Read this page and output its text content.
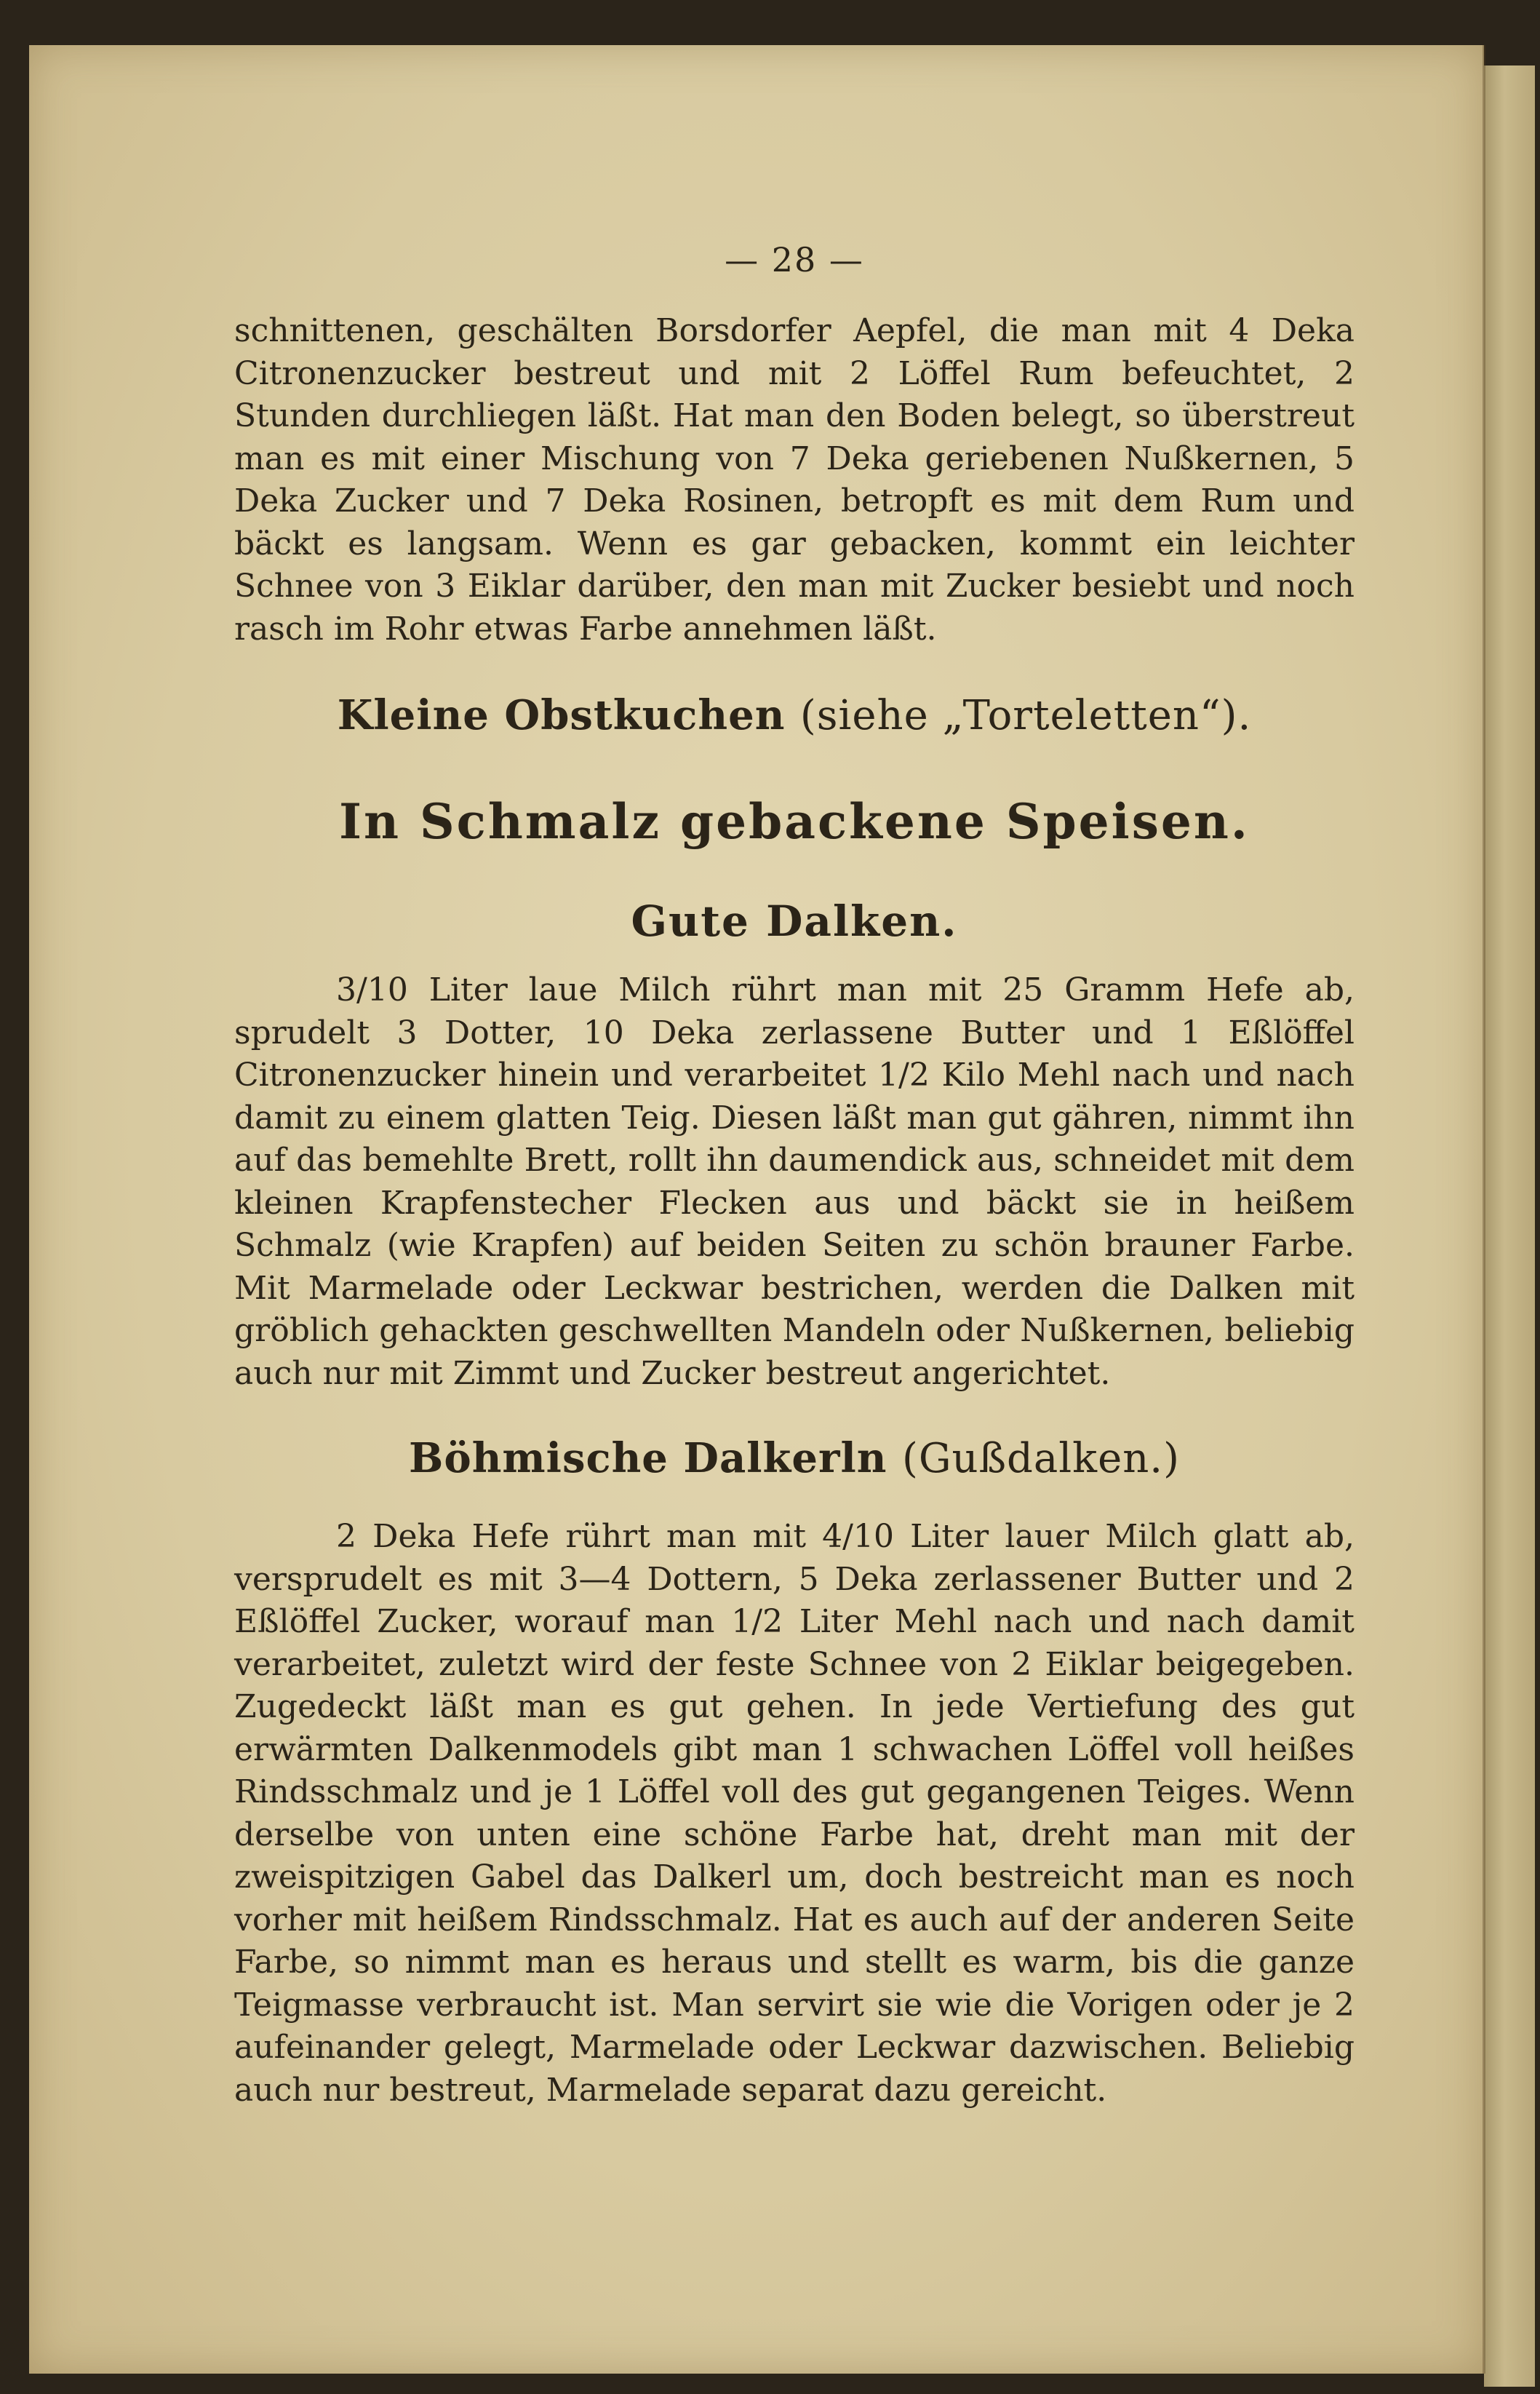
— 28 —

schnittenen, geschälten Borsdorfer Aepfel, die man mit 4 Deka Citronenzucker bestreut und mit 2 Löffel Rum befeuchtet, 2 Stunden durchliegen läßt. Hat man den Boden belegt, so überstreut man es mit einer Mischung von 7 Deka geriebenen Nußkernen, 5 Deka Zucker und 7 Deka Rosinen, betropft es mit dem Rum und bäckt es langsam. Wenn es gar gebacken, kommt ein leichter Schnee von 3 Eiklar darüber, den man mit Zucker besiebt und noch rasch im Rohr etwas Farbe annehmen läßt.

Kleine Obstkuchen (siehe „Torteletten“).

In Schmalz gebackene Speisen.

Gute Dalken.

3/10 Liter laue Milch rührt man mit 25 Gramm Hefe ab, sprudelt 3 Dotter, 10 Deka zerlassene Butter und 1 Eßlöffel Citronenzucker hinein und verarbeitet 1/2 Kilo Mehl nach und nach damit zu einem glatten Teig. Diesen läßt man gut gähren, nimmt ihn auf das bemehlte Brett, rollt ihn daumendick aus, schneidet mit dem kleinen Krapfenstecher Flecken aus und bäckt sie in heißem Schmalz (wie Krapfen) auf beiden Seiten zu schön brauner Farbe. Mit Marmelade oder Leckwar bestrichen, werden die Dalken mit gröblich gehackten geschwellten Mandeln oder Nußkernen, beliebig auch nur mit Zimmt und Zucker bestreut angerichtet.

Böhmische Dalkerln (Gußdalken.)

2 Deka Hefe rührt man mit 4/10 Liter lauer Milch glatt ab, versprudelt es mit 3—4 Dottern, 5 Deka zerlassener Butter und 2 Eßlöffel Zucker, worauf man 1/2 Liter Mehl nach und nach damit verarbeitet, zuletzt wird der feste Schnee von 2 Eiklar beigegeben. Zugedeckt läßt man es gut gehen. In jede Vertiefung des gut erwärmten Dalkenmodels gibt man 1 schwachen Löffel voll heißes Rindsschmalz und je 1 Löffel voll des gut gegangenen Teiges. Wenn derselbe von unten eine schöne Farbe hat, dreht man mit der zweispitzigen Gabel das Dalkerl um, doch bestreicht man es noch vorher mit heißem Rindsschmalz. Hat es auch auf der anderen Seite Farbe, so nimmt man es heraus und stellt es warm, bis die ganze Teigmasse verbraucht ist. Man servirt sie wie die Vorigen oder je 2 aufeinander gelegt, Marmelade oder Leckwar dazwischen. Beliebig auch nur bestreut, Marmelade separat dazu gereicht.
